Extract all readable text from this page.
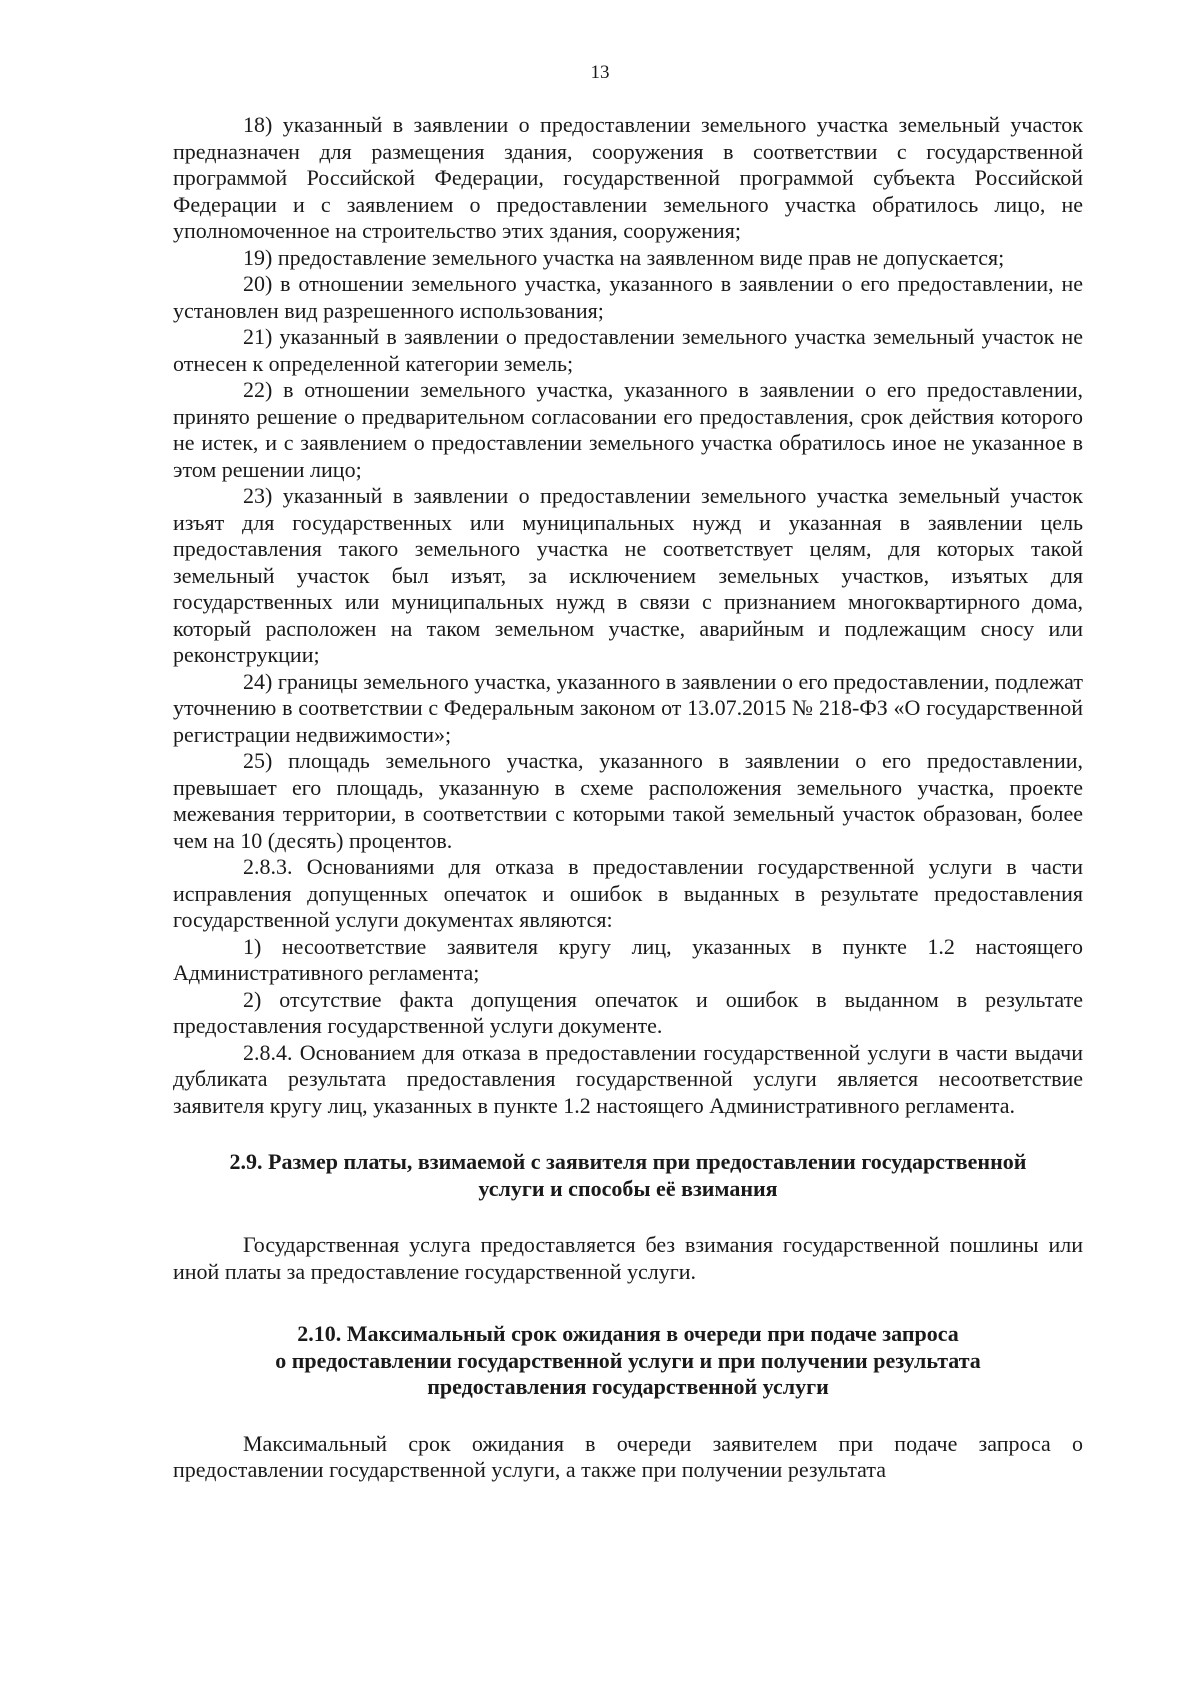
13

18) указанный в заявлении о предоставлении земельного участка земельный участок предназначен для размещения здания, сооружения в соответствии с государственной программой Российской Федерации, государственной программой субъекта Российской Федерации и с заявлением о предоставлении земельного участка обратилось лицо, не уполномоченное на строительство этих здания, сооружения;

19) предоставление земельного участка на заявленном виде прав не допускается;

20) в отношении земельного участка, указанного в заявлении о его предоставлении, не установлен вид разрешенного использования;

21) указанный в заявлении о предоставлении земельного участка земельный участок не отнесен к определенной категории земель;

22) в отношении земельного участка, указанного в заявлении о его предоставлении, принято решение о предварительном согласовании его предоставления, срок действия которого не истек, и с заявлением о предоставлении земельного участка обратилось иное не указанное в этом решении лицо;

23) указанный в заявлении о предоставлении земельного участка земельный участок изъят для государственных или муниципальных нужд и указанная в заявлении цель предоставления такого земельного участка не соответствует целям, для которых такой земельный участок был изъят, за исключением земельных участков, изъятых для государственных или муниципальных нужд в связи с признанием многоквартирного дома, который расположен на таком земельном участке, аварийным и подлежащим сносу или реконструкции;

24) границы земельного участка, указанного в заявлении о его предоставлении, подлежат уточнению в соответствии с Федеральным законом от 13.07.2015 № 218-ФЗ «О государственной регистрации недвижимости»;

25) площадь земельного участка, указанного в заявлении о его предоставлении, превышает его площадь, указанную в схеме расположения земельного участка, проекте межевания территории, в соответствии с которыми такой земельный участок образован, более чем на 10 (десять) процентов.

2.8.3. Основаниями для отказа в предоставлении государственной услуги в части исправления допущенных опечаток и ошибок в выданных в результате предоставления государственной услуги документах являются:

1) несоответствие заявителя кругу лиц, указанных в пункте 1.2 настоящего Административного регламента;

2) отсутствие факта допущения опечаток и ошибок в выданном в результате предоставления государственной услуги документе.

2.8.4. Основанием для отказа в предоставлении государственной услуги в части выдачи дубликата результата предоставления государственной услуги является несоответствие заявителя кругу лиц, указанных в пункте 1.2 настоящего Административного регламента.

2.9. Размер платы, взимаемой с заявителя при предоставлении государственной
услуги и способы её взимания

Государственная услуга предоставляется без взимания государственной пошлины или иной платы за предоставление государственной услуги.

2.10. Максимальный срок ожидания в очереди при подаче запроса
о предоставлении государственной услуги и при получении результата
предоставления государственной услуги

Максимальный срок ожидания в очереди заявителем при подаче запроса о предоставлении государственной услуги, а также при получении результата
